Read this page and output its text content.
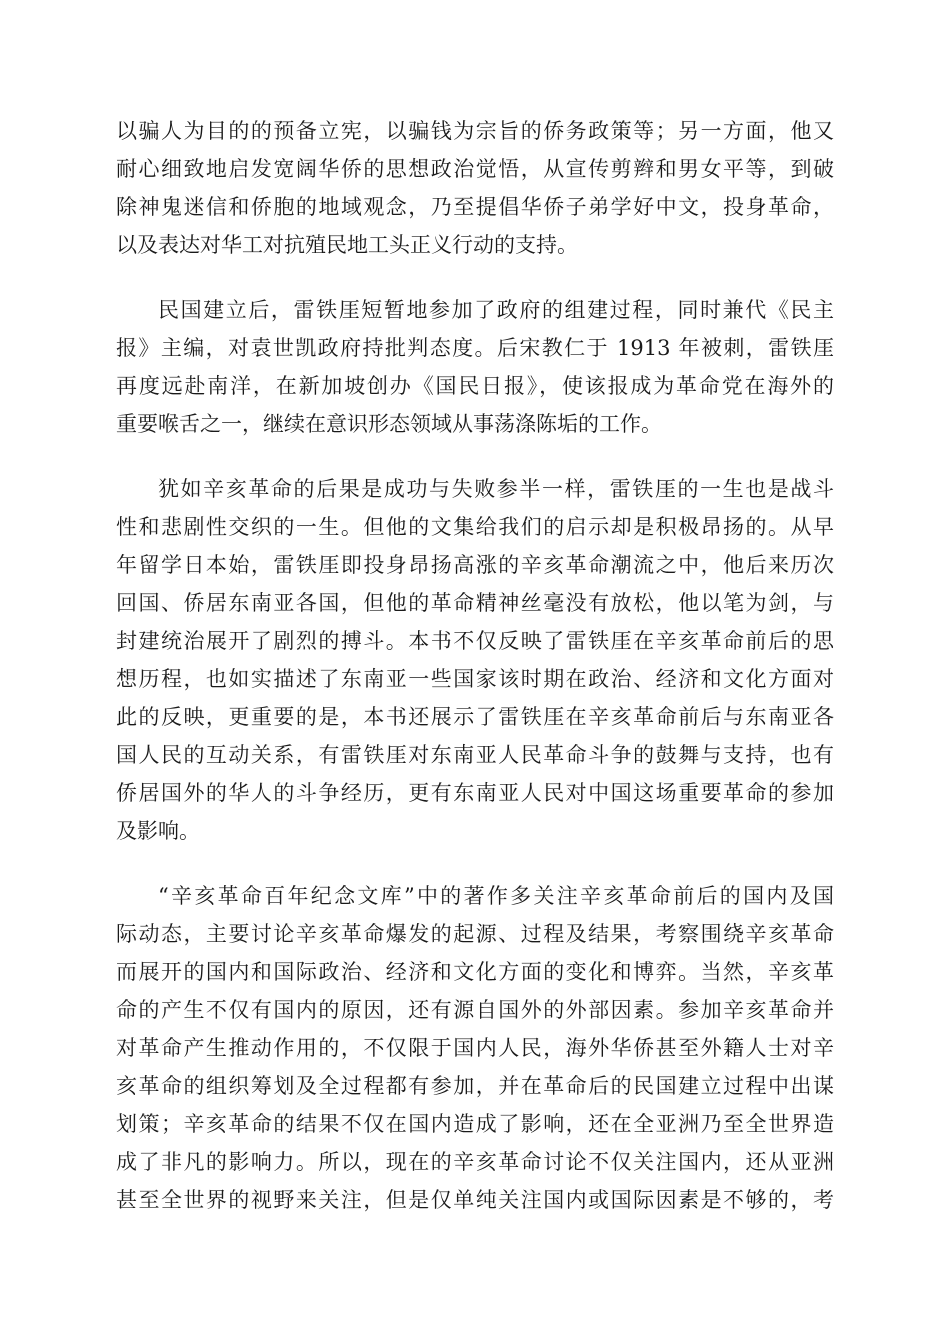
以骗人为目的的预备立宪，以骗钱为宗旨的侨务政策等；另一方面，他又
耐心细致地启发宽阔华侨的思想政治觉悟，从宣传剪辫和男女平等，到破
除神鬼迷信和侨胞的地域观念，乃至提倡华侨子弟学好中文，投身革命，
以及表达对华工对抗殖民地工头正义行动的支持。
民国建立后，雷铁厓短暂地参加了政府的组建过程，同时兼代《民主
报》主编，对袁世凯政府持批判态度。后宋教仁于 1913 年被刺，雷铁厓
再度远赴南洋，在新加坡创办《国民日报》，使该报成为革命党在海外的
重要喉舌之一，继续在意识形态领域从事荡涤陈垢的工作。
犹如辛亥革命的后果是成功与失败参半一样，雷铁厓的一生也是战斗
性和悲剧性交织的一生。但他的文集给我们的启示却是积极昂扬的。从早
年留学日本始，雷铁厓即投身昂扬高涨的辛亥革命潮流之中，他后来历次
回国、侨居东南亚各国，但他的革命精神丝毫没有放松，他以笔为剑，与
封建统治展开了剧烈的搏斗。本书不仅反映了雷铁厓在辛亥革命前后的思
想历程，也如实描述了东南亚一些国家该时期在政治、经济和文化方面对
此的反映，更重要的是，本书还展示了雷铁厓在辛亥革命前后与东南亚各
国人民的互动关系，有雷铁厓对东南亚人民革命斗争的鼓舞与支持，也有
侨居国外的华人的斗争经历，更有东南亚人民对中国这场重要革命的参加
及影响。
“辛亥革命百年纪念文库”中的著作多关注辛亥革命前后的国内及国
际动态，主要讨论辛亥革命爆发的起源、过程及结果，考察围绕辛亥革命
而展开的国内和国际政治、经济和文化方面的变化和博弈。当然，辛亥革
命的产生不仅有国内的原因，还有源自国外的外部因素。参加辛亥革命并
对革命产生推动作用的，不仅限于国内人民，海外华侨甚至外籍人士对辛
亥革命的组织筹划及全过程都有参加，并在革命后的民国建立过程中出谋
划策；辛亥革命的结果不仅在国内造成了影响，还在全亚洲乃至全世界造
成了非凡的影响力。所以，现在的辛亥革命讨论不仅关注国内，还从亚洲
甚至全世界的视野来关注，但是仅单纯关注国内或国际因素是不够的，考
